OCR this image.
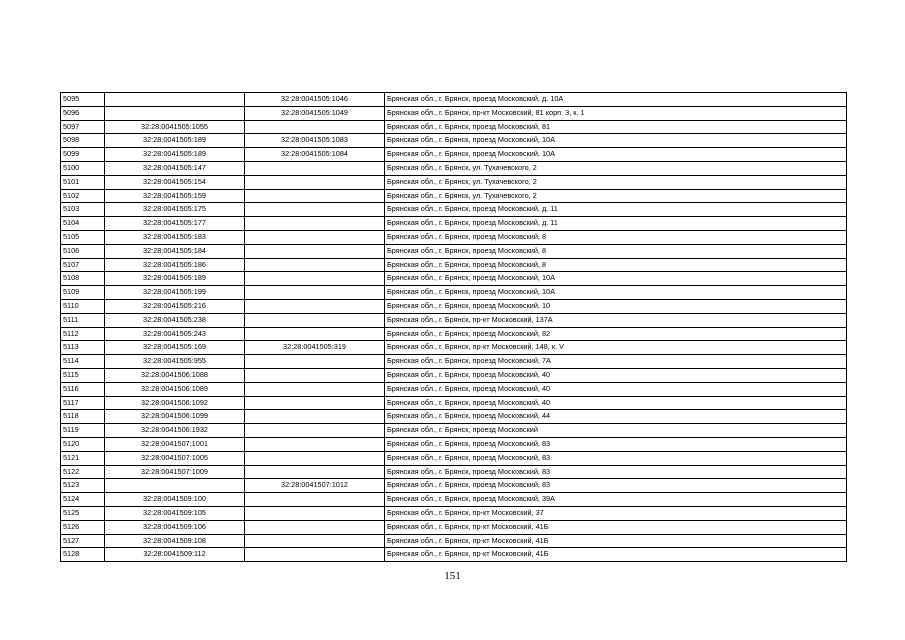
5095		32:28:0041505:1046	Брянская обл., г. Брянск, проезд Московский, д. 10А
5096		32:28:0041505:1049	Брянская обл., г. Брянск, пр-кт Московский, 81 корп. 3, к. 1
5097	32:28:0041505:1055		Брянская обл., г. Брянск, проезд Московский, 81
5098	32:28:0041505:189	32:28:0041505:1083	Брянская обл., г. Брянск, проезд Московский, 10А
5099	32:28:0041505:189	32:28:0041505:1084	Брянская обл., г. Брянск, проезд Московский, 10А
5100	32:28:0041505:147		Брянская обл., г. Брянск, ул. Тухачевского, 2
5101	32:28:0041505:154		Брянская обл., г. Брянск, ул. Тухачевского, 2
5102	32:28:0041505:159		Брянская обл., г. Брянск, ул. Тухачевского, 2
5103	32:28:0041505:175		Брянская обл., г. Брянск, проезд Московский, д. 11
5104	32:28:0041505:177		Брянская обл., г. Брянск, проезд Московский, д. 11
5105	32:28:0041505:183		Брянская обл., г. Брянск, проезд Московский, 8
5106	32:28:0041505:184		Брянская обл., г. Брянск, проезд Московский, 8
5107	32:28:0041505:186		Брянская обл., г. Брянск, проезд Московский, 8
5108	32:28:0041505:189		Брянская обл., г. Брянск, проезд Московский, 10А
5109	32:28:0041505:199		Брянская обл., г. Брянск, проезд Московский, 10А
5110	32:28:0041505:216		Брянская обл., г. Брянск, проезд Московский, 10
5111	32:28:0041505:238		Брянская обл., г. Брянск, пр-кт Московский, 137А
5112	32:28:0041505:243		Брянская обл., г. Брянск, проезд Московский, 82
5113	32:28:0041505:169	32:28:0041505:319	Брянская обл., г. Брянск, пр-кт Московский, 148, к. V
5114	32:28:0041505:955		Брянская обл., г. Брянск, проезд Московский, 7А
5115	32:28:0041506:1088		Брянская обл., г. Брянск, проезд Московский, 40
5116	32:28:0041506:1089		Брянская обл., г. Брянск, проезд Московский, 40
5117	32:28:0041506:1092		Брянская обл., г. Брянск, проезд Московский, 40
5118	32:28:0041506:1099		Брянская обл., г. Брянск, проезд Московский, 44
5119	32:28:0041506:1932		Брянская обл., г. Брянск, проезд Московский
5120	32:28:0041507:1001		Брянская обл., г. Брянск, проезд Московский, 83
5121	32:28:0041507:1005		Брянская обл., г. Брянск, проезд Московский, 83
5122	32:28:0041507:1009		Брянская обл., г. Брянск, проезд Московский, 83
5123		32:28:0041507:1012	Брянская обл., г. Брянск, проезд Московский, 83
5124	32:28:0041509:100		Брянская обл., г. Брянск, проезд Московский, 39А
5125	32:28:0041509:105		Брянская обл., г. Брянск, пр-кт Московский, 37
5126	32:28:0041509:106		Брянская обл., г. Брянск, пр-кт Московский, 41Б
5127	32:28:0041509:108		Брянская обл., г. Брянск, пр-кт Московский, 41Б
5128	32:28:0041509:112		Брянская обл., г. Брянск, пр-кт Московский, 41Б
151
